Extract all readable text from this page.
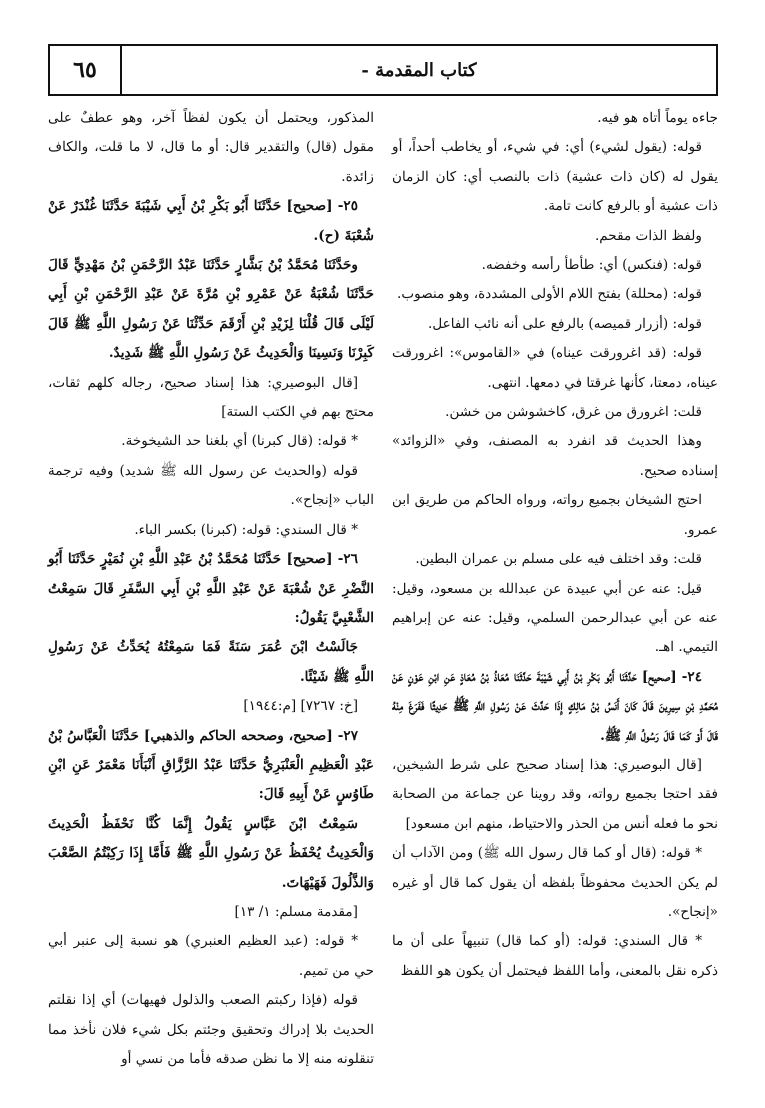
٦٥	- كتاب المقدمة

جاءه يوماً أتاه هو فيه.

قوله: (يقول لشيء) أي: في شيء، أو يخاطب أحداً، أو يقول له (كان ذات عشية) ذات بالنصب أي: كان الزمان ذات عشية أو بالرفع كانت تامة.

ولفظ الذات مقحم.

قوله: (فنكس) أي: طأطأ رأسه وخفضه.

قوله: (محللة) بفتح اللام الأولى المشددة، وهو منصوب.

قوله: (أزرار قميصه) بالرفع على أنه نائب الفاعل.

قوله: (قد اغرورقت عيناه) في «القاموس»: اغرورقت عيناه، دمعتا، كأنها غرقتا في دمعها. انتهى.

قلت: اغرورق من غرق، كاخشوشن من خشن.

وهذا الحديث قد انفرد به المصنف، وفي «الزوائد» إسناده صحيح.

احتج الشيخان بجميع رواته، ورواه الحاكم من طريق ابن عمرو.

قلت: وقد اختلف فيه على مسلم بن عمران البطين.

قيل: عنه عن أبي عبيدة عن عبدالله بن مسعود، وقيل: عنه عن أبي عبدالرحمن السلمي، وقيل: عنه عن إبراهيم التيمي. اهـ.

٢٤- [صحيح] حَدَّثَنَا أَبُو بَكْرِ بْنُ أَبِي شَيْبَةَ حَدَّثَنَا مُعَاذُ بْنُ مُعَاذٍ عَنِ ابْنِ عَوْنٍ عَنْ مُحَمَّدِ بْنِ سِيرِينَ قَالَ كَانَ أَنَسُ بْنُ مَالِكٍ إِذَا حَدَّثَ عَنْ رَسُولِ اللَّهِ ﷺ حَدِيثًا فَفَرَغَ مِنْهُ قَالَ أَوْ كَمَا قَالَ رَسُولُ اللَّهِ ﷺ.

[قال البوصيري: هذا إسناد صحيح على شرط الشيخين، فقد احتجا بجميع رواته، وقد روينا عن جماعة من الصحابة نحو ما فعله أنس من الحذر والاحتياط، منهم ابن مسعود]

* قوله: (قال أو كما قال رسول الله ﷺ) ومن الآداب أن لم يكن الحديث محفوظاً بلفظه أن يقول كما قال أو غيره «إنجاح».

* قال السندي: قوله: (أو كما قال) تنبيهاً على أن ما ذكره نقل بالمعنى، وأما اللفظ فيحتمل أن يكون هو اللفظ

المذكور، ويحتمل أن يكون لفظاً آخر، وهو عطفٌ على مقول (قال) والتقدير قال: أو ما قال، لا ما قلت، والكاف زائدة.

٢٥- [صحيح] حَدَّثَنَا أَبُو بَكْرِ بْنُ أَبِي شَيْبَةَ حَدَّثَنَا غُنْدَرٌ عَنْ شُعْبَةَ (ح).

وحَدَّثَنَا مُحَمَّدُ بْنُ بَشَّارٍ حَدَّثَنَا عَبْدُ الرَّحْمَنِ بْنُ مَهْدِيٍّ قَالَ حَدَّثَنَا شُعْبَةُ عَنْ عَمْرِو بْنِ مُرَّةَ عَنْ عَبْدِ الرَّحْمَنِ بْنِ أَبِي لَيْلَى قَالَ قُلْنَا لِزَيْدِ بْنِ أَرْقَمَ حَدِّثْنَا عَنْ رَسُولِ اللَّهِ ﷺ قَالَ كَبِرْنَا وَنَسِينَا وَالْحَدِيثُ عَنْ رَسُولِ اللَّهِ ﷺ شَدِيدٌ.

[قال البوصيري: هذا إسناد صحيح، رجاله كلهم ثقات، محتج بهم في الكتب الستة]

* قوله: (قال كبرنا) أي بلغنا حد الشيخوخة.

قوله (والحديث عن رسول الله ﷺ شديد) وفيه ترجمة الباب «إنجاح».

* قال السندي: قوله: (كبرنا) بكسر الباء.

٢٦- [صحيح] حَدَّثَنَا مُحَمَّدُ بْنُ عَبْدِ اللَّهِ بْنِ نُمَيْرٍ حَدَّثَنَا أَبُو النَّضْرِ عَنْ شُعْبَةَ عَنْ عَبْدِ اللَّهِ بْنِ أَبِي السَّفَرِ قَالَ سَمِعْتُ الشَّعْبِيَّ يَقُولُ:

جَالَسْتُ ابْنَ عُمَرَ سَنَةً فَمَا سَمِعْتُهُ يُحَدِّثُ عَنْ رَسُولِ اللَّهِ ﷺ شَيْئًا.

[خ: ٧٢٦٧] [م:١٩٤٤]

٢٧- [صحيح، وصححه الحاكم والذهبي] حَدَّثَنَا الْعَبَّاسُ بْنُ عَبْدِ الْعَظِيمِ الْعَنْبَرِيُّ حَدَّثَنَا عَبْدُ الرَّزَّاقِ أَنْبَأَنَا مَعْمَرٌ عَنِ ابْنِ طَاوُسٍ عَنْ أَبِيهِ قَالَ:

سَمِعْتُ ابْنَ عَبَّاسٍ يَقُولُ إِنَّمَا كُنَّا نَحْفَظُ الْحَدِيثَ وَالْحَدِيثُ يُحْفَظُ عَنْ رَسُولِ اللَّهِ ﷺ فَأَمَّا إِذَا رَكِبْتُمُ الصَّعْبَ وَالذَّلُولَ فَهَيْهَاتَ.

[مقدمة مسلم: ١/ ١٣]

* قوله: (عبد العظيم العنبري) هو نسبة إلى عنبر أبي حي من تميم.

قوله (فإذا ركبتم الصعب والذلول فهيهات) أي إذا نقلتم الحديث بلا إدراك وتحقيق وجئتم بكل شيء فلان نأخذ مما تنقلونه منه إلا ما نظن صدقه فأما من نسي أو
